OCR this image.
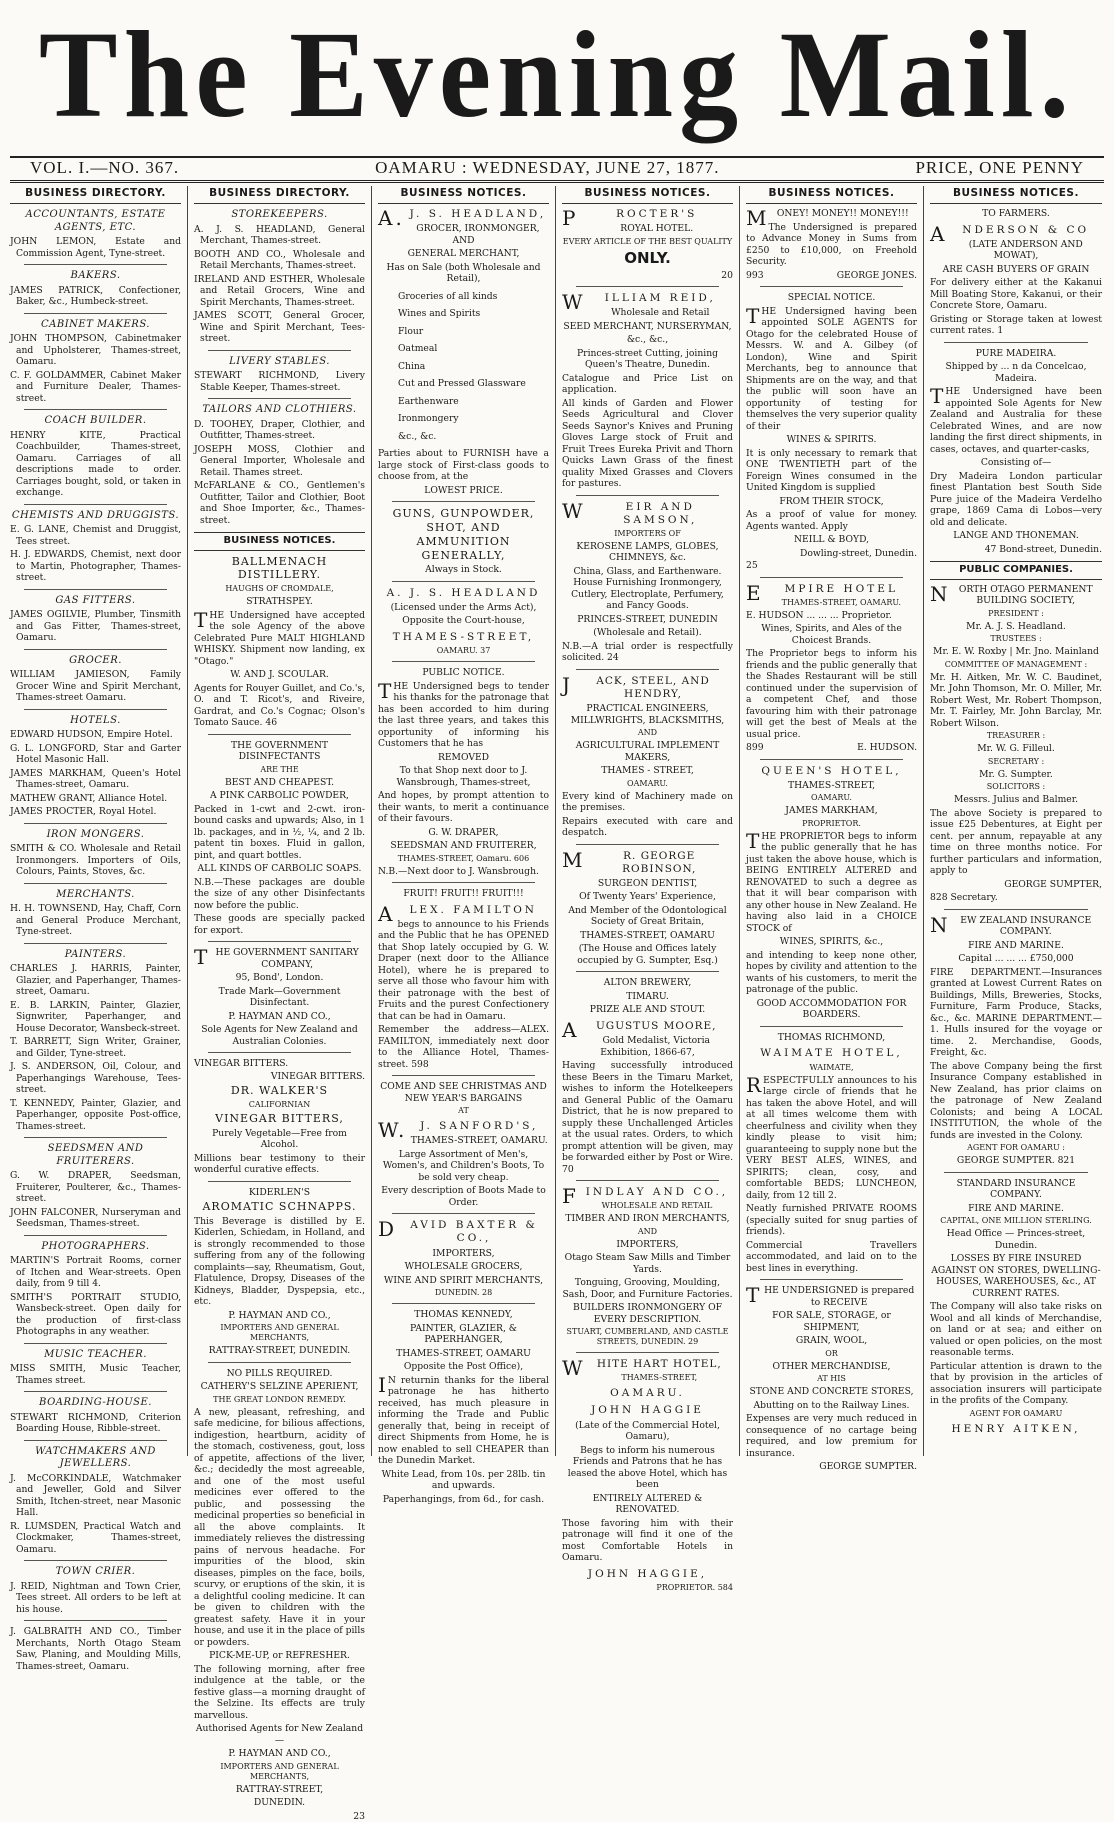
The Evening Mail.
VOL. I.—NO. 367.	OAMARU : WEDNESDAY, JUNE 27, 1877.	PRICE, ONE PENNY
BUSINESS DIRECTORY.
ACCOUNTANTS, ESTATE AGENTS, ETC.
JOHN LEMON, Estate and Commission Agent, Tyne-street.
BAKERS.
JAMES PATRICK, Confectioner, Baker, &c., Humbeck-street.
CABINET MAKERS.
JOHN THOMPSON, Cabinetmaker and Upholsterer, Thames-street, Oamaru.
C. F. GOLDAMMER, Cabinet Maker and Furniture Dealer, Thames-street.
COACH BUILDER.
HENRY KITE, Practical Coachbuilder, Thames-street, Oamaru. Carriages of all descriptions made to order. Carriages bought, sold, or taken in exchange.
CHEMISTS AND DRUGGISTS.
E. G. LANE, Chemist and Druggist, Tees street.
H. J. EDWARDS, Chemist, next door to Martin, Photographer, Thames-street.
GAS FITTERS.
JAMES OGILVIE, Plumber, Tinsmith and Gas Fitter, Thames-street, Oamaru.
GROCER.
WILLIAM JAMIESON, Family Grocer Wine and Spirit Merchant, Thames-street Oamaru.
HOTELS.
EDWARD HUDSON, Empire Hotel.
G. L. LONGFORD, Star and Garter Hotel Masonic Hall.
JAMES MARKHAM, Queen's Hotel Thames-street, Oamaru.
MATHEW GRANT, Alliance Hotel.
JAMES PROCTER, Royal Hotel.
IRON MONGERS.
SMITH & CO. Wholesale and Retail Ironmongers. Importers of Oils, Colours, Paints, Stoves, &c.
MERCHANTS.
H. H. TOWNSEND, Hay, Chaff, Corn and General Produce Merchant, Tyne-street.
PAINTERS.
CHARLES J. HARRIS, Painter, Glazier, and Paperhanger, Thames-street, Oamaru.
E. B. LARKIN, Painter, Glazier, Signwriter, Paperhanger, and House Decorator, Wansbeck-street.
T. BARRETT, Sign Writer, Grainer, and Gilder, Tyne-street.
J. S. ANDERSON, Oil, Colour, and Paperhangings Warehouse, Tees-street.
T. KENNEDY, Painter, Glazier, and Paperhanger, opposite Post-office, Thames-street.
SEEDSMEN AND FRUITERERS.
G. W. DRAPER, Seedsman, Fruiterer, Poulterer, &c., Thames-street.
JOHN FALCONER, Nurseryman and Seedsman, Thames-street.
PHOTOGRAPHERS.
MARTIN'S Portrait Rooms, corner of Itchen and Wear-streets. Open daily, from 9 till 4.
SMITH'S PORTRAIT STUDIO, Wansbeck-street. Open daily for the production of first-class Photographs in any weather.
MUSIC TEACHER.
MISS SMITH, Music Teacher, Thames street.
BOARDING-HOUSE.
STEWART RICHMOND, Criterion Boarding House, Ribble-street.
WATCHMAKERS AND JEWELLERS.
J. McCORKINDALE, Watchmaker and Jeweller, Gold and Silver Smith, Itchen-street, near Masonic Hall.
R. LUMSDEN, Practical Watch and Clockmaker, Thames-street, Oamaru.
TOWN CRIER.
J. REID, Nightman and Town Crier, Tees street. All orders to be left at his house.
J. GALBRAITH AND CO., Timber Merchants, North Otago Steam Saw, Planing, and Moulding Mills, Thames-street, Oamaru.
BUSINESS DIRECTORY.
STOREKEEPERS.
A. J. S. HEADLAND, General Merchant, Thames-street.
BOOTH AND CO., Wholesale and Retail Merchants, Thames-street.
IRELAND AND ESTHER, Wholesale and Retail Grocers, Wine and Spirit Merchants, Thames-street.
JAMES SCOTT, General Grocer, Wine and Spirit Merchant, Tees-street.
LIVERY STABLES.
STEWART RICHMOND, Livery Stable Keeper, Thames-street.
TAILORS AND CLOTHIERS.
D. TOOHEY, Draper, Clothier, and Outfitter, Thames-street.
JOSEPH MOSS, Clothier and General Importer, Wholesale and Retail. Thames street.
McFARLANE & CO., Gentlemen's Outfitter, Tailor and Clothier, Boot and Shoe Importer, &c., Thames-street.
BUSINESS NOTICES.
BALLMENACH DISTILLERY.
HAUGHS OF CROMDALE,
STRATHSPEY.
THE Undersigned have accepted the sole Agency of the above Celebrated Pure MALT HIGHLAND WHISKY. Shipment now landing, ex "Otago."
W. AND J. SCOULAR.
Agents for Rouyer Guillet, and Co.'s, O. and T. Ricot's, and Riveire, Gardrat, and Co.'s Cognac; Olson's Tomato Sauce. 46
THE GOVERNMENT DISINFECTANTS
ARE THE
BEST AND CHEAPEST.
A PINK CARBOLIC POWDER,
Packed in 1-cwt and 2-cwt. iron-bound casks and upwards; Also, in 1 lb. packages, and in ½, ¼, and 2 lb. patent tin boxes. Fluid in gallon, pint, and quart bottles.
ALL KINDS OF CARBOLIC SOAPS.
N.B.—These packages are double the size of any other Disinfectants now before the public.
These goods are specially packed for export.
THE GOVERNMENT SANITARY COMPANY,
95, Bond', London.
Trade Mark—Government Disinfectant.
P. HAYMAN AND CO.,
Sole Agents for New Zealand and Australian Colonies.
VINEGAR BITTERS.
VINEGAR BITTERS.
DR. WALKER'S
CALIFORNIAN
VINEGAR BITTERS,
Purely Vegetable—Free from Alcohol.
Millions bear testimony to their wonderful curative effects.
KIDERLEN'S
AROMATIC SCHNAPPS.
This Beverage is distilled by E. Kiderlen, Schiedam, in Holland, and is strongly recommended to those suffering from any of the following complaints—say, Rheumatism, Gout, Flatulence, Dropsy, Diseases of the Kidneys, Bladder, Dyspepsia, etc., etc.
P. HAYMAN AND CO.,
IMPORTERS AND GENERAL MERCHANTS,
RATTRAY-STREET, DUNEDIN.
NO PILLS REQUIRED.
CATHERY'S SELZINE APERIENT,
THE GREAT LONDON REMEDY.
A new, pleasant, refreshing, and safe medicine, for bilious affections, indigestion, heartburn, acidity of the stomach, costiveness, gout, loss of appetite, affections of the liver, &c.; decidedly the most agreeable, and one of the most useful medicines ever offered to the public, and possessing the medicinal properties so beneficial in all the above complaints. It immediately relieves the distressing pains of nervous headache. For impurities of the blood, skin diseases, pimples on the face, boils, scurvy, or eruptions of the skin, it is a delightful cooling medicine. It can be given to children with the greatest safety. Have it in your house, and use it in the place of pills or powders.
PICK-ME-UP, or REFRESHER.
The following morning, after free indulgence at the table, or the festive glass—a morning draught of the Selzine. Its effects are truly marvellous.
Authorised Agents for New Zealand—
P. HAYMAN AND CO.,
IMPORTERS AND GENERAL MERCHANTS,
RATTRAY-STREET,
DUNEDIN.
23
BUSINESS NOTICES.
A.J. S. HEADLAND,
GROCER, IRONMONGER, AND
GENERAL MERCHANT,
Has on Sale (both Wholesale and Retail),
Groceries of all kinds
Wines and Spirits
Flour
Oatmeal
China
Cut and Pressed Glassware
Earthenware
Ironmongery
&c., &c.
Parties about to FURNISH have a large stock of First-class goods to choose from, at the
LOWEST PRICE.
GUNS, GUNPOWDER, SHOT, AND AMMUNITION GENERALLY,
Always in Stock.
A. J. S. HEADLAND
(Licensed under the Arms Act),
Opposite the Court-house,
THAMES-STREET,
OAMARU. 37
PUBLIC NOTICE.
THE Undersigned begs to tender his thanks for the patronage that has been accorded to him during the last three years, and takes this opportunity of informing his Customers that he has
REMOVED
To that Shop next door to J. Wansbrough, Thames-street,
And hopes, by prompt attention to their wants, to merit a continuance of their favours.
G. W. DRAPER,
SEEDSMAN AND FRUITERER,
THAMES-STREET, Oamaru. 606
N.B.—Next door to J. Wansbrough.
FRUIT! FRUIT!! FRUIT!!!
ALEX. FAMILTON
begs to announce to his Friends and the Public that he has OPENED that Shop lately occupied by G. W. Draper (next door to the Alliance Hotel), where he is prepared to serve all those who favour him with their patronage with the best of Fruits and the purest Confectionery that can be had in Oamaru.
Remember the address—ALEX. FAMILTON, immediately next door to the Alliance Hotel, Thames-street. 598
COME AND SEE CHRISTMAS AND NEW YEAR'S BARGAINS
AT
W.J. SANFORD'S,
THAMES-STREET, OAMARU.
Large Assortment of Men's, Women's, and Children's Boots, To be sold very cheap.
Every description of Boots Made to Order.
DAVID BAXTER & CO.,
IMPORTERS,
WHOLESALE GROCERS,
WINE AND SPIRIT MERCHANTS,
DUNEDIN. 28
THOMAS KENNEDY,
PAINTER, GLAZIER, & PAPERHANGER,
THAMES-STREET, OAMARU
Opposite the Post Office),
IN returnin thanks for the liberal patronage he has hitherto received, has much pleasure in informing the Trade and Public generally that, being in receipt of direct Shipments from Home, he is now enabled to sell CHEAPER than the Dunedin Market.
White Lead, from 10s. per 28lb. tin and upwards.
Paperhangings, from 6d., for cash.
BUSINESS NOTICES.
PROCTER'S
ROYAL HOTEL.
EVERY ARTICLE OF THE BEST QUALITY
ONLY.
20
WILLIAM REID,
Wholesale and Retail
SEED MERCHANT, NURSERYMAN,
&c., &c.,
Princes-street Cutting, joining Queen's Theatre, Dunedin.
Catalogue and Price List on application.
All kinds of Garden and Flower Seeds Agricultural and Clover Seeds Saynor's Knives and Pruning Gloves Large stock of Fruit and Fruit Trees Eureka Privit and Thorn Quicks Lawn Grass of the finest quality Mixed Grasses and Clovers for pastures.
WEIR AND SAMSON,
IMPORTERS OF
KEROSENE LAMPS, GLOBES, CHIMNEYS, &c.
China, Glass, and Earthenware. House Furnishing Ironmongery, Cutlery, Electroplate, Perfumery, and Fancy Goods.
PRINCES-STREET, DUNEDIN
(Wholesale and Retail).
N.B.—A trial order is respectfully solicited. 24
JACK, STEEL, AND HENDRY,
PRACTICAL ENGINEERS, MILLWRIGHTS, BLACKSMITHS,
AND
AGRICULTURAL IMPLEMENT MAKERS,
THAMES - STREET,
OAMARU.
Every kind of Machinery made on the premises.
Repairs executed with care and despatch.
MR. GEORGE ROBINSON,
SURGEON DENTIST,
Of Twenty Years' Experience,
And Member of the Odontological Society of Great Britain,
THAMES-STREET, OAMARU
(The House and Offices lately occupied by G. Sumpter, Esq.)
ALTON BREWERY,
TIMARU.
PRIZE ALE AND STOUT.
AUGUSTUS MOORE,
Gold Medalist, Victoria Exhibition, 1866-67,
Having successfully introduced these Beers in the Timaru Market, wishes to inform the Hotelkeepers and General Public of the Oamaru District, that he is now prepared to supply these Unchallenged Articles at the usual rates. Orders, to which prompt attention will be given, may be forwarded either by Post or Wire. 70
FINDLAY AND CO.,
WHOLESALE AND RETAIL
TIMBER AND IRON MERCHANTS,
AND
IMPORTERS,
Otago Steam Saw Mills and Timber Yards.
Tonguing, Grooving, Moulding, Sash, Door, and Furniture Factories.
BUILDERS IRONMONGERY OF EVERY DESCRIPTION.
STUART, CUMBERLAND, AND CASTLE STREETS, DUNEDIN. 29
WHITE HART HOTEL,
THAMES-STREET,
OAMARU.
JOHN HAGGIE
(Late of the Commercial Hotel, Oamaru),
Begs to inform his numerous Friends and Patrons that he has leased the above Hotel, which has been
ENTIRELY ALTERED & RENOVATED.
Those favoring him with their patronage will find it one of the most Comfortable Hotels in Oamaru.
JOHN HAGGIE,
PROPRIETOR. 584
BUSINESS NOTICES.
MONEY! MONEY!! MONEY!!!
The Undersigned is prepared to Advance Money in Sums from £250 to £10,000, on Freehold Security.
993	GEORGE JONES.
SPECIAL NOTICE.
THE Undersigned having been appointed SOLE AGENTS for Otago for the celebrated House of Messrs. W. and A. Gilbey (of London), Wine and Spirit Merchants, beg to announce that Shipments are on the way, and that the public will soon have an opportunity of testing for themselves the very superior quality of their
WINES & SPIRITS.
It is only necessary to remark that ONE TWENTIETH part of the Foreign Wines consumed in the United Kingdom is supplied
FROM THEIR STOCK,
As a proof of value for money. Agents wanted. Apply
NEILL & BOYD,
Dowling-street, Dunedin.
25
EMPIRE HOTEL
THAMES-STREET, OAMARU.
E. HUDSON ... ... ... Proprietor.
Wines, Spirits, and Ales of the Choicest Brands.
The Proprietor begs to inform his friends and the public generally that the Shades Restaurant will be still continued under the supervision of a competent Chef, and those favouring him with their patronage will get the best of Meals at the usual price.
899	E. HUDSON.
QUEEN'S HOTEL,
THAMES-STREET,
OAMARU.
JAMES MARKHAM,
PROPRIETOR.
THE PROPRIETOR begs to inform the public generally that he has just taken the above house, which is BEING ENTIRELY ALTERED and RENOVATED to such a degree as that it will bear comparison with any other house in New Zealand. He having also laid in a CHOICE STOCK of
WINES, SPIRITS, &c.,
and intending to keep none other, hopes by civility and attention to the wants of his customers, to merit the patronage of the public.
GOOD ACCOMMODATION FOR BOARDERS.
THOMAS RICHMOND,
WAIMATE HOTEL,
WAIMATE,
RESPECTFULLY announces to his large circle of friends that he has taken the above Hotel, and will at all times welcome them with cheerfulness and civility when they kindly please to visit him; guaranteeing to supply none but the VERY BEST ALES, WINES, and SPIRITS; clean, cosy, and comfortable BEDS; LUNCHEON, daily, from 12 till 2.
Neatly furnished PRIVATE ROOMS (specially suited for snug parties of friends).
Commercial Travellers accommodated, and laid on to the best lines in everything.
THE UNDERSIGNED is prepared to RECEIVE
FOR SALE, STORAGE, or SHIPMENT,
GRAIN, WOOL,
OR
OTHER MERCHANDISE,
AT HIS
STONE AND CONCRETE STORES,
Abutting on to the Railway Lines.
Expenses are very much reduced in consequence of no cartage being required, and low premium for insurance.
GEORGE SUMPTER.
BUSINESS NOTICES.
TO FARMERS.
ANDERSON & CO
(LATE ANDERSON AND MOWAT),
ARE CASH BUYERS OF GRAIN
For delivery either at the Kakanui Mill Boating Store, Kakanui, or their Concrete Store, Oamaru.
Gristing or Storage taken at lowest current rates. 1
PURE MADEIRA.
Shipped by ... n da Concelcao, Madeira.
THE Undersigned have been appointed Sole Agents for New Zealand and Australia for these Celebrated Wines, and are now landing the first direct shipments, in cases, octaves, and quarter-casks,
Consisting of—
Dry Madeira London particular finest Plantation best South Side Pure juice of the Madeira Verdelho grape, 1869 Cama di Lobos—very old and delicate.
LANGE AND THONEMAN.
47 Bond-street, Dunedin.
PUBLIC COMPANIES.
NORTH OTAGO PERMANENT BUILDING SOCIETY,
PRESIDENT :
Mr. A. J. S. Headland.
TRUSTEES :
Mr. E. W. Roxby | Mr. Jno. Mainland
COMMITTEE OF MANAGEMENT :
Mr. H. Aitken, Mr. W. C. Baudinet, Mr. John Thomson, Mr. O. Miller, Mr. Robert West, Mr. Robert Thompson, Mr. T. Fairley, Mr. John Barclay, Mr. Robert Wilson.
TREASURER :
Mr. W. G. Filleul.
SECRETARY :
Mr. G. Sumpter.
SOLICITORS :
Messrs. Julius and Balmer.
The above Society is prepared to issue £25 Debentures, at Eight per cent. per annum, repayable at any time on three months notice. For further particulars and information, apply to
GEORGE SUMPTER,
828 Secretary.
NEW ZEALAND INSURANCE COMPANY.
FIRE AND MARINE.
Capital ... ... ... £750,000
FIRE DEPARTMENT.—Insurances granted at Lowest Current Rates on Buildings, Mills, Breweries, Stocks, Furniture, Farm Produce, Stacks, &c., &c. MARINE DEPARTMENT.—1. Hulls insured for the voyage or time. 2. Merchandise, Goods, Freight, &c.
The above Company being the first Insurance Company established in New Zealand, has prior claims on the patronage of New Zealand Colonists; and being A LOCAL INSTITUTION, the whole of the funds are invested in the Colony.
AGENT FOR OAMARU :
GEORGE SUMPTER. 821
STANDARD INSURANCE COMPANY.
FIRE AND MARINE.
CAPITAL, ONE MILLION STERLING.
Head Office — Princes-street, Dunedin.
LOSSES BY FIRE INSURED AGAINST ON STORES, DWELLING-HOUSES, WAREHOUSES, &c., AT CURRENT RATES.
The Company will also take risks on Wool and all kinds of Merchandise, on land or at sea; and either on valued or open policies, on the most reasonable terms.
Particular attention is drawn to the that by provision in the articles of association insurers will participate in the profits of the Company.
AGENT FOR OAMARU
HENRY AITKEN,
